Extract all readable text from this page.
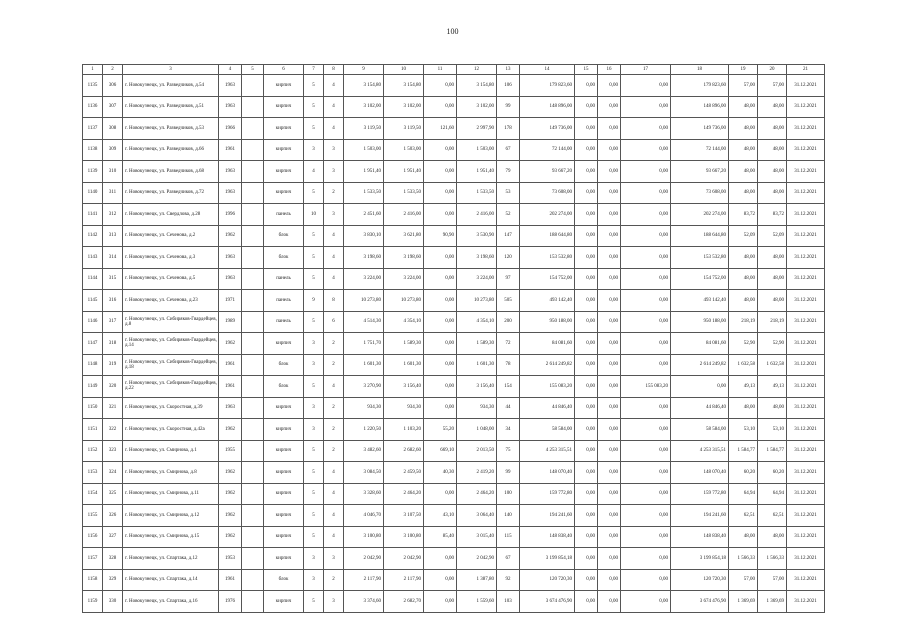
100
1	2	3	4	5	6	7	8	9	10	11	12	13	14	15	16	17	18	19	20	21
1135	306	г. Новокузнецк, ул. Разведчиков, д.54	1963		кирпич	5	4	3 154,80	3 154,80	0,00	3 154,80	106	179 823,60	0,00	0,00	0,00	179 823,60	57,00	57,00	31.12.2021
1136	307	г. Новокузнецк, ул. Разведчиков, д.51	1963		кирпич	5	4	3 102,00	3 102,00	0,00	3 102,00	99	148 896,00	0,00	0,00	0,00	148 896,00	48,00	48,00	31.12.2021
1137	308	г. Новокузнецк, ул. Разведчиков, д.53	1966		кирпич	5	4	3 119,50	3 119,50	121,60	2 997,90	178	149 736,00	0,00	0,00	0,00	149 736,00	48,00	48,00	31.12.2021
1138	309	г. Новокузнецк, ул. Разведчиков, д.66	1961		кирпич	3	3	1 503,00	1 503,00	0,00	1 503,00	67	72 144,00	0,00	0,00	0,00	72 144,00	48,00	48,00	31.12.2021
1139	310	г. Новокузнецк, ул. Разведчиков, д.68	1963		кирпич	4	3	1 951,40	1 951,40	0,00	1 951,40	79	93 667,20	0,00	0,00	0,00	93 667,20	48,00	48,00	31.12.2021
1140	311	г. Новокузнецк, ул. Разведчиков, д.72	1963		кирпич	5	2	1 533,50	1 533,50	0,00	1 533,50	53	73 608,00	0,00	0,00	0,00	73 608,00	48,00	48,00	31.12.2021
1141	312	г. Новокузнецк, ул. Свердлова, д.28	1996		панель	10	3	2 451,60	2 416,00	0,00	2 416,00	52	202 274,00	0,00	0,00	0,00	202 274,00	83,72	83,72	31.12.2021
1142	313	г. Новокузнецк, ул. Сеченова, д.2	1962		блок	5	4	3 830,10	3 621,80	90,90	3 530,90	147	188 644,80	0,00	0,00	0,00	188 644,80	52,09	52,09	31.12.2021
1143	314	г. Новокузнецк, ул. Сеченова, д.3	1963		блок	5	4	3 198,60	3 198,60	0,00	3 198,60	120	153 532,80	0,00	0,00	0,00	153 532,80	48,00	48,00	31.12.2021
1144	315	г. Новокузнецк, ул. Сеченова, д.5	1963		панель	5	4	3 224,00	3 224,00	0,00	3 224,00	97	154 752,00	0,00	0,00	0,00	154 752,00	48,00	48,00	31.12.2021
1145	316	г. Новокузнецк, ул. Сеченова, д.23	1971		панель	9	8	10 273,80	10 273,80	0,00	10 273,80	505	493 142,40	0,00	0,00	0,00	493 142,40	48,00	48,00	31.12.2021
1146	317	г. Новокузнецк, ул. Сибиряков-Гвардейцев, д.8	1989		панель	5	6	4 514,30	4 354,10	0,00	4 354,10	200	950 188,00	0,00	0,00	0,00	950 188,00	218,19	218,19	31.12.2021
1147	318	г. Новокузнецк, ул. Сибиряков-Гвардейцев, д.14	1962		кирпич	3	2	1 751,70	1 589,30	0,00	1 589,30	72	84 081,60	0,00	0,00	0,00	84 081,60	52,90	52,90	31.12.2021
1148	319	г. Новокузнецк, ул. Сибиряков-Гвардейцев, д.18	1961		блок	3	2	1 601,30	1 601,30	0,00	1 601,30	78	2 614 249,82	0,00	0,00	0,00	2 614 249,82	1 632,58	1 632,58	31.12.2021
1149	320	г. Новокузнецк, ул. Сибиряков-Гвардейцев, д.22	1961		блок	5	4	3 270,90	3 156,40	0,00	3 156,40	154	155 083,20	0,00	0,00	155 083,20	0,00	49,13	49,13	31.12.2021
1150	321	г. Новокузнецк, ул. Скоростная, д.39	1963		кирпич	3	2	934,30	934,30	0,00	934,30	44	44 846,40	0,00	0,00	0,00	44 846,40	48,00	48,00	31.12.2021
1151	322	г. Новокузнецк, ул. Скоростная, д.42а	1962		кирпич	3	2	1 220,50	1 103,20	55,20	1 048,00	34	58 584,00	0,00	0,00	0,00	58 584,00	53,10	53,10	31.12.2021
1152	323	г. Новокузнецк, ул. Смирнова, д.1	1955		кирпич	5	2	3 482,60	2 682,60	669,10	2 013,50	75	4 253 315,51	0,00	0,00	0,00	4 253 315,51	1 584,77	1 584,77	31.12.2021
1153	324	г. Новокузнецк, ул. Смирнова, д.8	1962		кирпич	5	4	3 084,50	2 459,50	40,30	2 419,20	99	148 070,40	0,00	0,00	0,00	148 070,40	60,20	60,20	31.12.2021
1154	325	г. Новокузнецк, ул. Смирнова, д.11	1962		кирпич	5	4	3 328,60	2 464,20	0,00	2 464,20	100	159 772,80	0,00	0,00	0,00	159 772,80	64,94	64,94	31.12.2021
1155	326	г. Новокузнецк, ул. Смирнова, д.12	1962		кирпич	5	4	4 046,70	3 107,50	43,10	3 064,40	140	194 241,60	0,00	0,00	0,00	194 241,60	62,51	62,51	31.12.2021
1156	327	г. Новокузнецк, ул. Смирнова, д.15	1962		кирпич	5	4	3 100,80	3 100,80	85,40	3 015,40	115	148 838,40	0,00	0,00	0,00	148 838,40	48,00	48,00	31.12.2021
1157	328	г. Новокузнецк, ул. Спартака, д.12	1953		кирпич	3	3	2 042,90	2 042,90	0,00	2 042,90	67	3 199 854,18	0,00	0,00	0,00	3 199 854,18	1 566,33	1 566,33	31.12.2021
1158	329	г. Новокузнецк, ул. Спартака, д.14	1961		блок	3	2	2 117,90	2 117,90	0,00	1 387,80	92	120 720,30	0,00	0,00	0,00	120 720,30	57,00	57,00	31.12.2021
1159	330	г. Новокузнецк, ул. Спартака, д.16	1976		кирпич	5	3	3 374,60	2 682,70	0,00	1 559,60	103	3 674 476,90	0,00	0,00	0,00	3 674 476,90	1 369,69	1 369,69	31.12.2021
